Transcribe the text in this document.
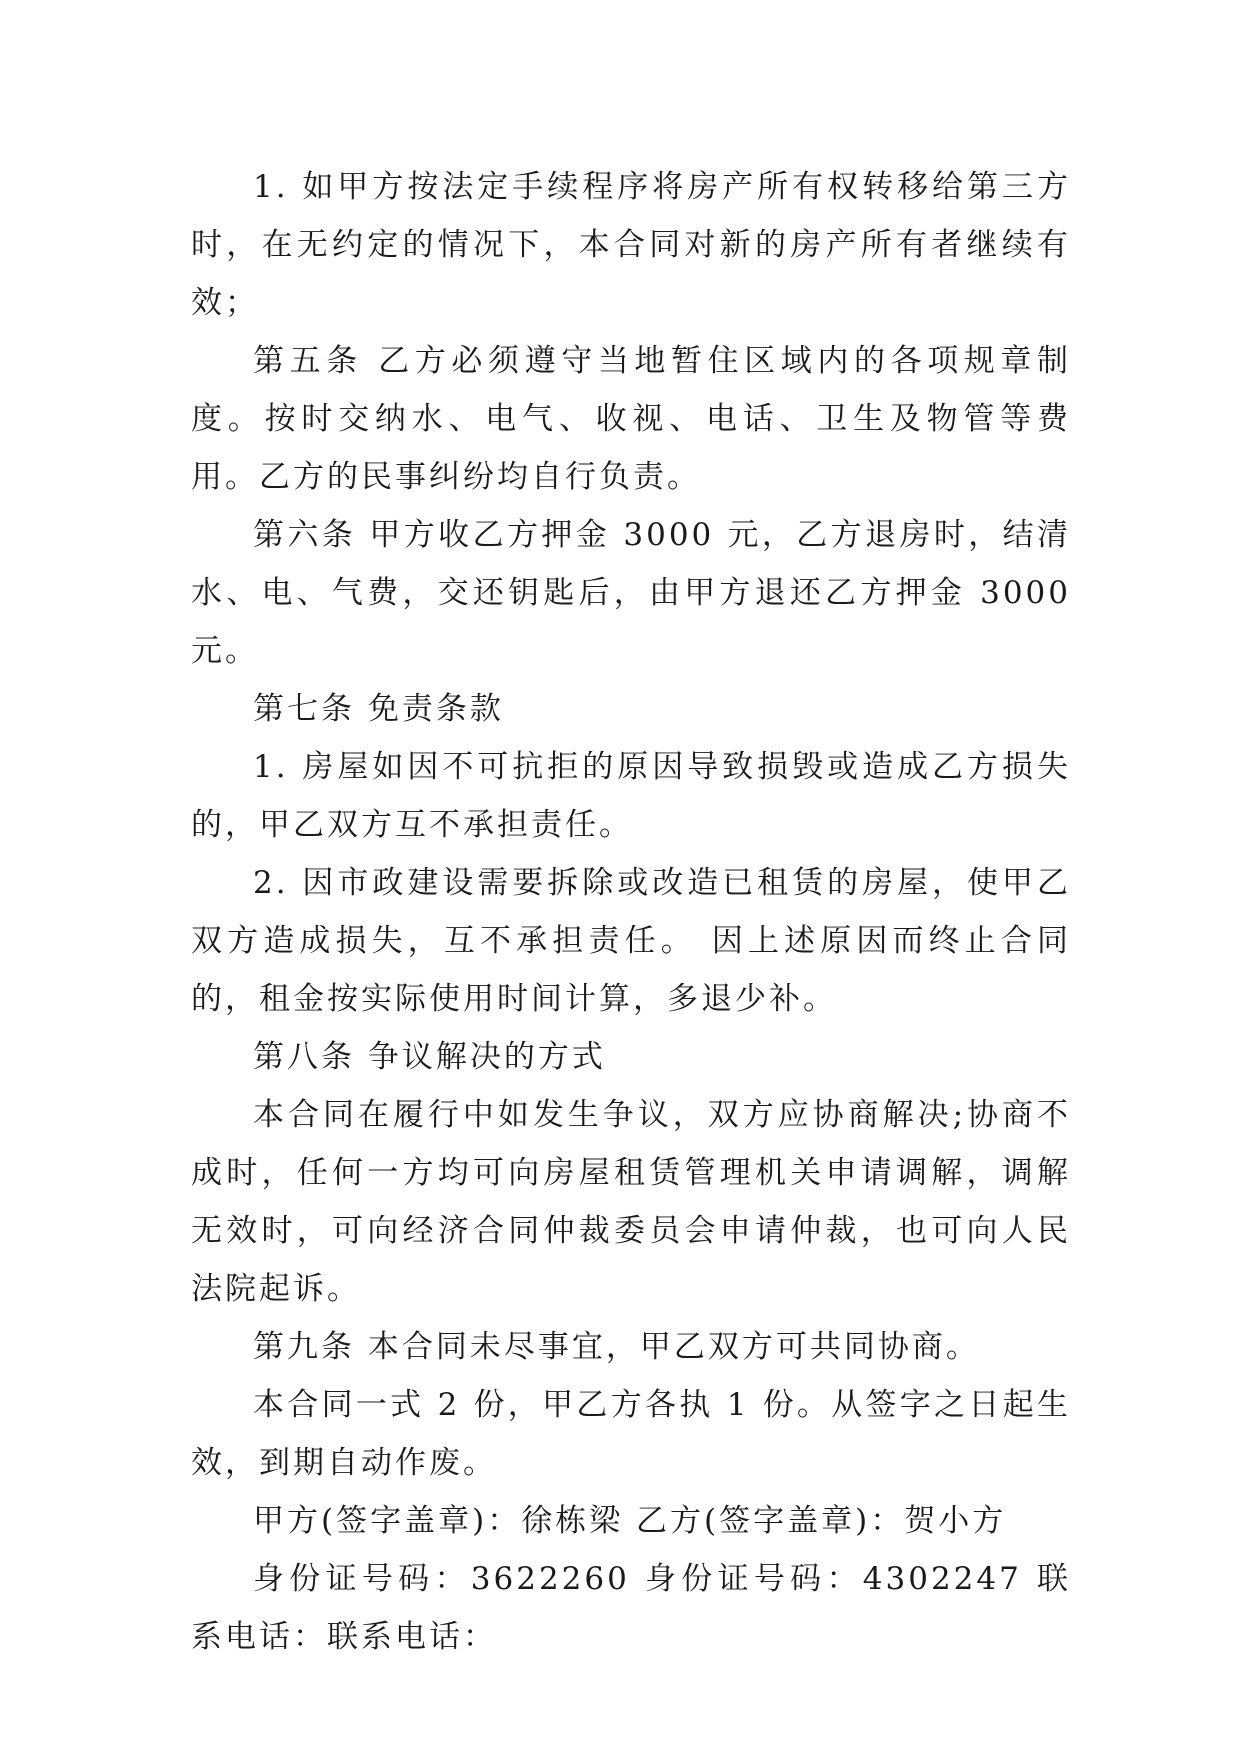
1. 如甲方按法定手续程序将房产所有权转移给第三方时，在无约定的情况下，本合同对新的房产所有者继续有效；

第五条 乙方必须遵守当地暂住区域内的各项规章制度。按时交纳水、电气、收视、电话、卫生及物管等费用。乙方的民事纠纷均自行负责。

第六条 甲方收乙方押金 3000 元，乙方退房时，结清水、电、气费，交还钥匙后，由甲方退还乙方押金 3000 元。

第七条 免责条款

1. 房屋如因不可抗拒的原因导致损毁或造成乙方损失的，甲乙双方互不承担责任。

2. 因市政建设需要拆除或改造已租赁的房屋，使甲乙双方造成损失，互不承担责任。 因上述原因而终止合同的，租金按实际使用时间计算，多退少补。

第八条 争议解决的方式

本合同在履行中如发生争议，双方应协商解决;协商不成时，任何一方均可向房屋租赁管理机关申请调解，调解无效时，可向经济合同仲裁委员会申请仲裁，也可向人民法院起诉。

第九条 本合同未尽事宜，甲乙双方可共同协商。

本合同一式 2 份，甲乙方各执 1 份。从签字之日起生效，到期自动作废。

甲方(签字盖章)：徐栋梁 乙方(签字盖章)：贺小方

身份证号码：3622260 身份证号码：4302247 联系电话：联系电话：
